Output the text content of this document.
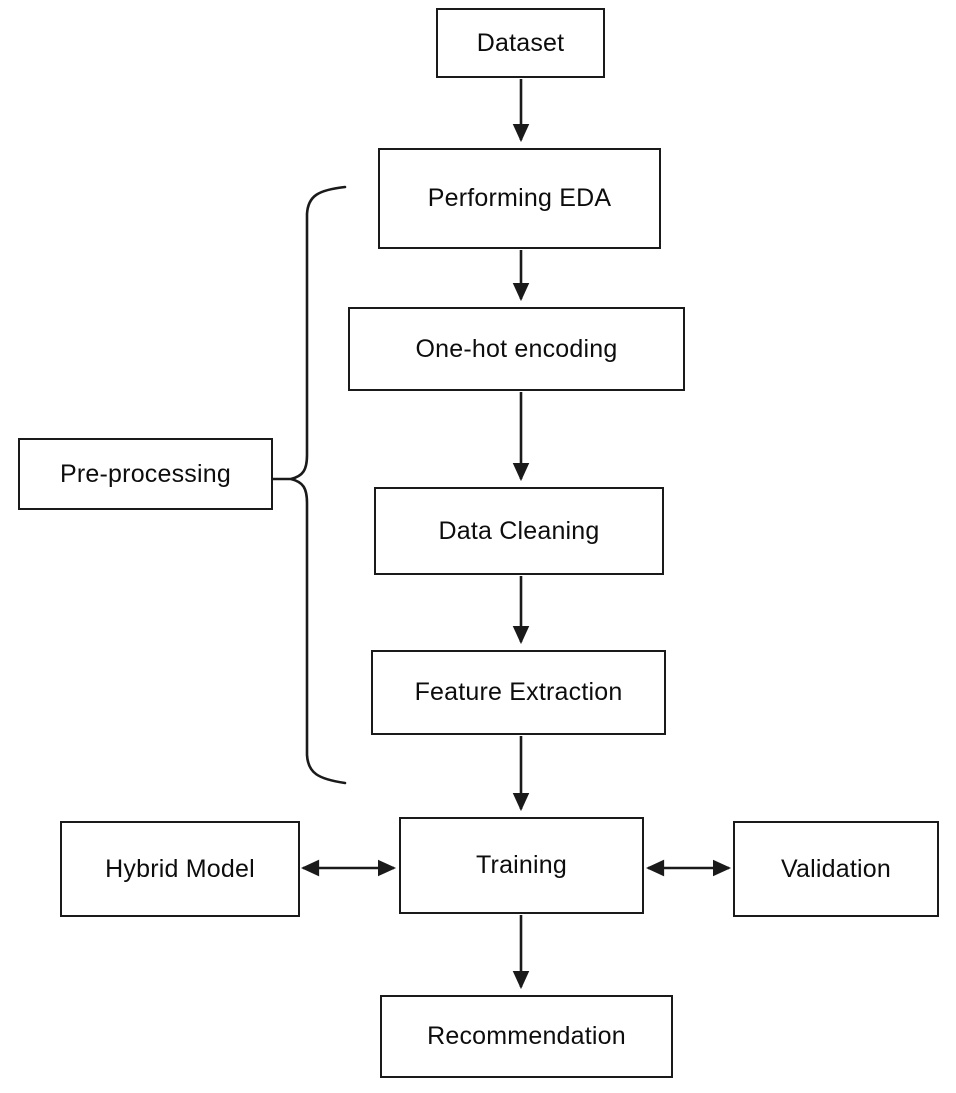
Dataset
Performing EDA
One-hot encoding
Pre-processing
Data Cleaning
Feature Extraction
Hybrid Model	Training	Validation
Recommendation
